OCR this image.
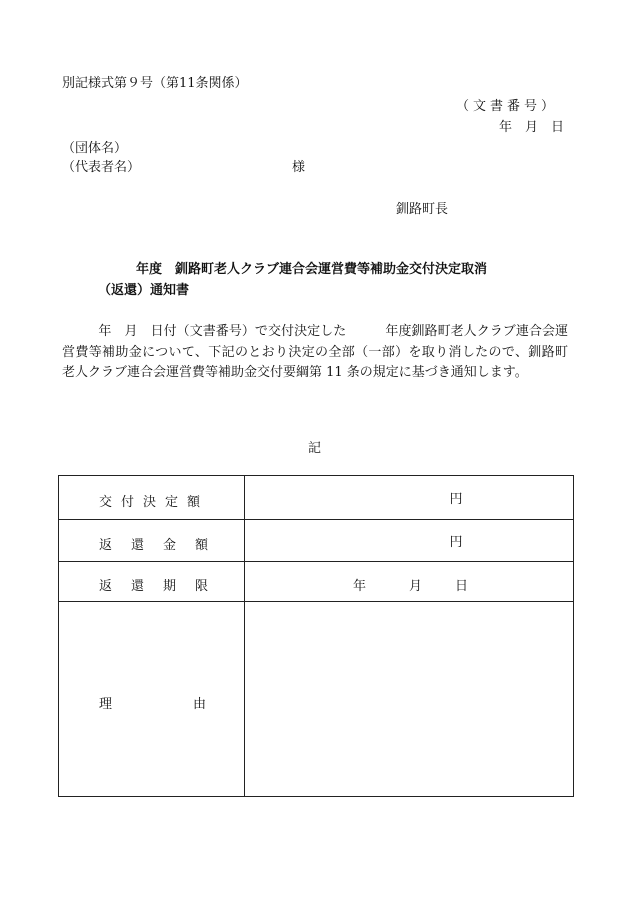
別記様式第９号（第11条関係）
（文書番号）
年　月　日
（団体名）
（代表者名）	様
釧路町長
年度　釧路町老人クラブ連合会運営費等補助金交付決定取消
（返還）通知書
年　月　日付（文書番号）で交付決定した　　　年度釧路町老人クラブ連合会運営費等補助金について、下記のとおり決定の全部（一部）を取り消したので、釧路町老人クラブ連合会運営費等補助金交付要綱第 11 条の規定に基づき通知します。
記
交 付 決 定 額	円

返 還 金 額	円

返 還 期 限	年 月 日

理 由	
